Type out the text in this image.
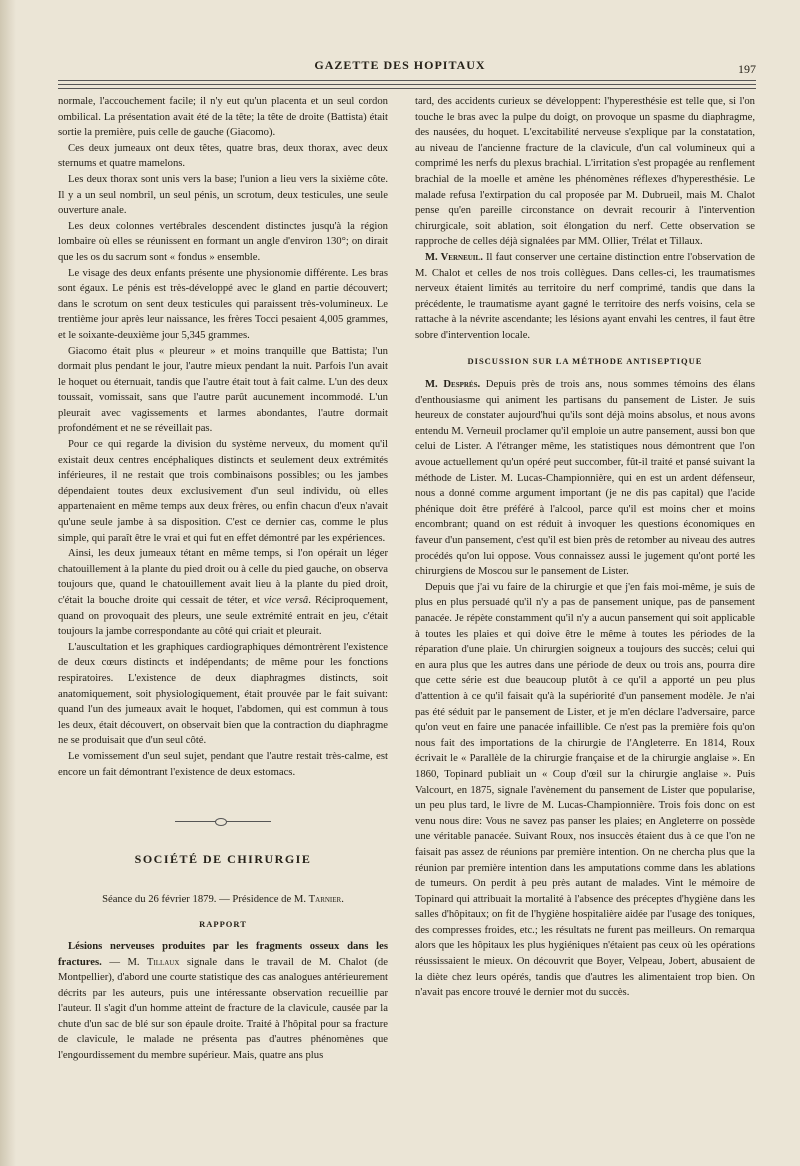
GAZETTE DES HOPITAUX	197

normale, l'accouchement facile; il n'y eut qu'un placenta et un seul cordon ombilical. La présentation avait été de la tête; la tête de droite (Battista) était sortie la première, puis celle de gauche (Giacomo).

Ces deux jumeaux ont deux têtes, quatre bras, deux thorax, avec deux sternums et quatre mamelons.

Les deux thorax sont unis vers la base; l'union a lieu vers la sixième côte. Il y a un seul nombril, un seul pénis, un scrotum, deux testicules, une seule ouverture anale.

Les deux colonnes vertébrales descendent distinctes jusqu'à la région lombaire où elles se réunissent en formant un angle d'environ 130°; on dirait que les os du sacrum sont « fondus » ensemble.

Le visage des deux enfants présente une physionomie différente. Les bras sont égaux. Le pénis est très-développé avec le gland en partie découvert; dans le scrotum on sent deux testicules qui paraissent très-volumineux. Le trentième jour après leur naissance, les frères Tocci pesaient 4,005 grammes, et le soixante-deuxième jour 5,345 grammes.

Giacomo était plus « pleureur » et moins tranquille que Battista; l'un dormait plus pendant le jour, l'autre mieux pendant la nuit. Parfois l'un avait le hoquet ou éternuait, tandis que l'autre était tout à fait calme. L'un des deux toussait, vomissait, sans que l'autre parût aucunement incommodé. L'un pleurait avec vagissements et larmes abondantes, l'autre dormait profondément et ne se réveillait pas.

Pour ce qui regarde la division du système nerveux, du moment qu'il existait deux centres encéphaliques distincts et seulement deux extrémités inférieures, il ne restait que trois combinaisons possibles; ou les jambes dépendaient toutes deux exclusivement d'un seul individu, où elles appartenaient en même temps aux deux frères, ou enfin chacun d'eux n'avait qu'une seule jambe à sa disposition. C'est ce dernier cas, comme le plus simple, qui paraît être le vrai et qui fut en effet démontré par les expériences.

Ainsi, les deux jumeaux tétant en même temps, si l'on opérait un léger chatouillement à la plante du pied droit ou à celle du pied gauche, on observa toujours que, quand le chatouillement avait lieu à la plante du pied droit, c'était la bouche droite qui cessait de téter, et vice versâ. Réciproquement, quand on provoquait des pleurs, une seule extrémité entrait en jeu, c'était toujours la jambe correspondante au côté qui criait et pleurait.

L'auscultation et les graphiques cardiographiques démontrèrent l'existence de deux cœurs distincts et indépendants; de même pour les fonctions respiratoires. L'existence de deux diaphragmes distincts, soit anatomiquement, soit physiologiquement, était prouvée par le fait suivant: quand l'un des jumeaux avait le hoquet, l'abdomen, qui est commun à tous les deux, était découvert, on observait bien que la contraction du diaphragme ne se produisait que d'un seul côté.

Le vomissement d'un seul sujet, pendant que l'autre restait très-calme, est encore un fait démontrant l'existence de deux estomacs.

SOCIÉTÉ DE CHIRURGIE
Séance du 26 février 1879. — Présidence de M. Tarnier.
RAPPORT

Lésions nerveuses produites par les fragments osseux dans les fractures. — M. Tillaux signale dans le travail de M. Chalot (de Montpellier), d'abord une courte statistique des cas analogues antérieurement décrits par les auteurs, puis une intéressante observation recueillie par l'auteur. Il s'agit d'un homme atteint de fracture de la clavicule, causée par la chute d'un sac de blé sur son épaule droite. Traité à l'hôpital pour sa fracture de clavicule, le malade ne présenta pas d'autres phénomènes que l'engourdissement du membre supérieur. Mais, quatre ans plus

tard, des accidents curieux se développent: l'hyperesthésie est telle que, si l'on touche le bras avec la pulpe du doigt, on provoque un spasme du diaphragme, des nausées, du hoquet. L'excitabilité nerveuse s'explique par la constatation, au niveau de l'ancienne fracture de la clavicule, d'un cal volumineux qui a comprimé les nerfs du plexus brachial. L'irritation s'est propagée au renflement brachial de la moelle et amène les phénomènes réflexes d'hyperesthésie. Le malade refusa l'extirpation du cal proposée par M. Dubrueil, mais M. Chalot pense qu'en pareille circonstance on devrait recourir à l'intervention chirurgicale, soit ablation, soit élongation du nerf. Cette observation se rapproche de celles déjà signalées par MM. Ollier, Trélat et Tillaux.

M. Verneuil. Il faut conserver une certaine distinction entre l'observation de M. Chalot et celles de nos trois collègues. Dans celles-ci, les traumatismes nerveux étaient limités au territoire du nerf comprimé, tandis que dans la précédente, le traumatisme ayant gagné le territoire des nerfs voisins, cela se rattache à la névrite ascendante; les lésions ayant envahi les centres, il faut être sobre d'intervention locale.

DISCUSSION SUR LA MÉTHODE ANTISEPTIQUE

M. Després. Depuis près de trois ans, nous sommes témoins des élans d'enthousiasme qui animent les partisans du pansement de Lister. Je suis heureux de constater aujourd'hui qu'ils sont déjà moins absolus, et nous avons entendu M. Verneuil proclamer qu'il emploie un autre pansement, aussi bon que celui de Lister. A l'étranger même, les statistiques nous démontrent que l'on avoue actuellement qu'un opéré peut succomber, fût-il traité et pansé suivant la méthode de Lister. M. Lucas-Championnière, qui en est un ardent défenseur, nous a donné comme argument important (je ne dis pas capital) que l'acide phénique doit être préféré à l'alcool, parce qu'il est moins cher et moins encombrant; quand on est réduit à invoquer les questions économiques en faveur d'un pansement, c'est qu'il est bien près de retomber au niveau des autres procédés qu'on lui oppose. Vous connaissez aussi le jugement qu'ont porté les chirurgiens de Moscou sur le pansement de Lister.

Depuis que j'ai vu faire de la chirurgie et que j'en fais moi-même, je suis de plus en plus persuadé qu'il n'y a pas de pansement unique, pas de pansement panacée. Je répète constamment qu'il n'y a aucun pansement qui soit applicable à toutes les plaies et qui doive être le même à toutes les périodes de la réparation d'une plaie. Un chirurgien soigneux a toujours des succès; celui qui en aura plus que les autres dans une période de deux ou trois ans, pourra dire que cette série est due beaucoup plutôt à ce qu'il a apporté un peu plus d'attention à ce qu'il faisait qu'à la supériorité d'un pansement modèle. Je n'ai pas été séduit par le pansement de Lister, et je m'en déclare l'adversaire, parce qu'on veut en faire une panacée infaillible. Ce n'est pas la première fois qu'on nous fait des importations de la chirurgie de l'Angleterre. En 1814, Roux écrivait le « Parallèle de la chirurgie française et de la chirurgie anglaise ». En 1860, Topinard publiait un « Coup d'œil sur la chirurgie anglaise ». Puis Valcourt, en 1875, signale l'avènement du pansement de Lister que popularise, un peu plus tard, le livre de M. Lucas-Championnière. Trois fois donc on est venu nous dire: Vous ne savez pas panser les plaies; en Angleterre on possède une véritable panacée. Suivant Roux, nos insuccès étaient dus à ce que l'on ne faisait pas assez de réunions par première intention. On ne chercha plus que la réunion par première intention dans les amputations comme dans les ablations de tumeurs. On perdit à peu près autant de malades. Vint le mémoire de Topinard qui attribuait la mortalité à l'absence des préceptes d'hygiène dans les salles d'hôpitaux; on fit de l'hygiène hospitalière aidée par l'usage des toniques, des compresses froides, etc.; les résultats ne furent pas meilleurs. On remarqua alors que les hôpitaux les plus hygiéniques n'étaient pas ceux où les opérations réussissaient le mieux. On découvrit que Boyer, Velpeau, Jobert, abusaient de la diète chez leurs opérés, tandis que d'autres les alimentaient trop bien. On n'avait pas encore trouvé le dernier mot du succès.
